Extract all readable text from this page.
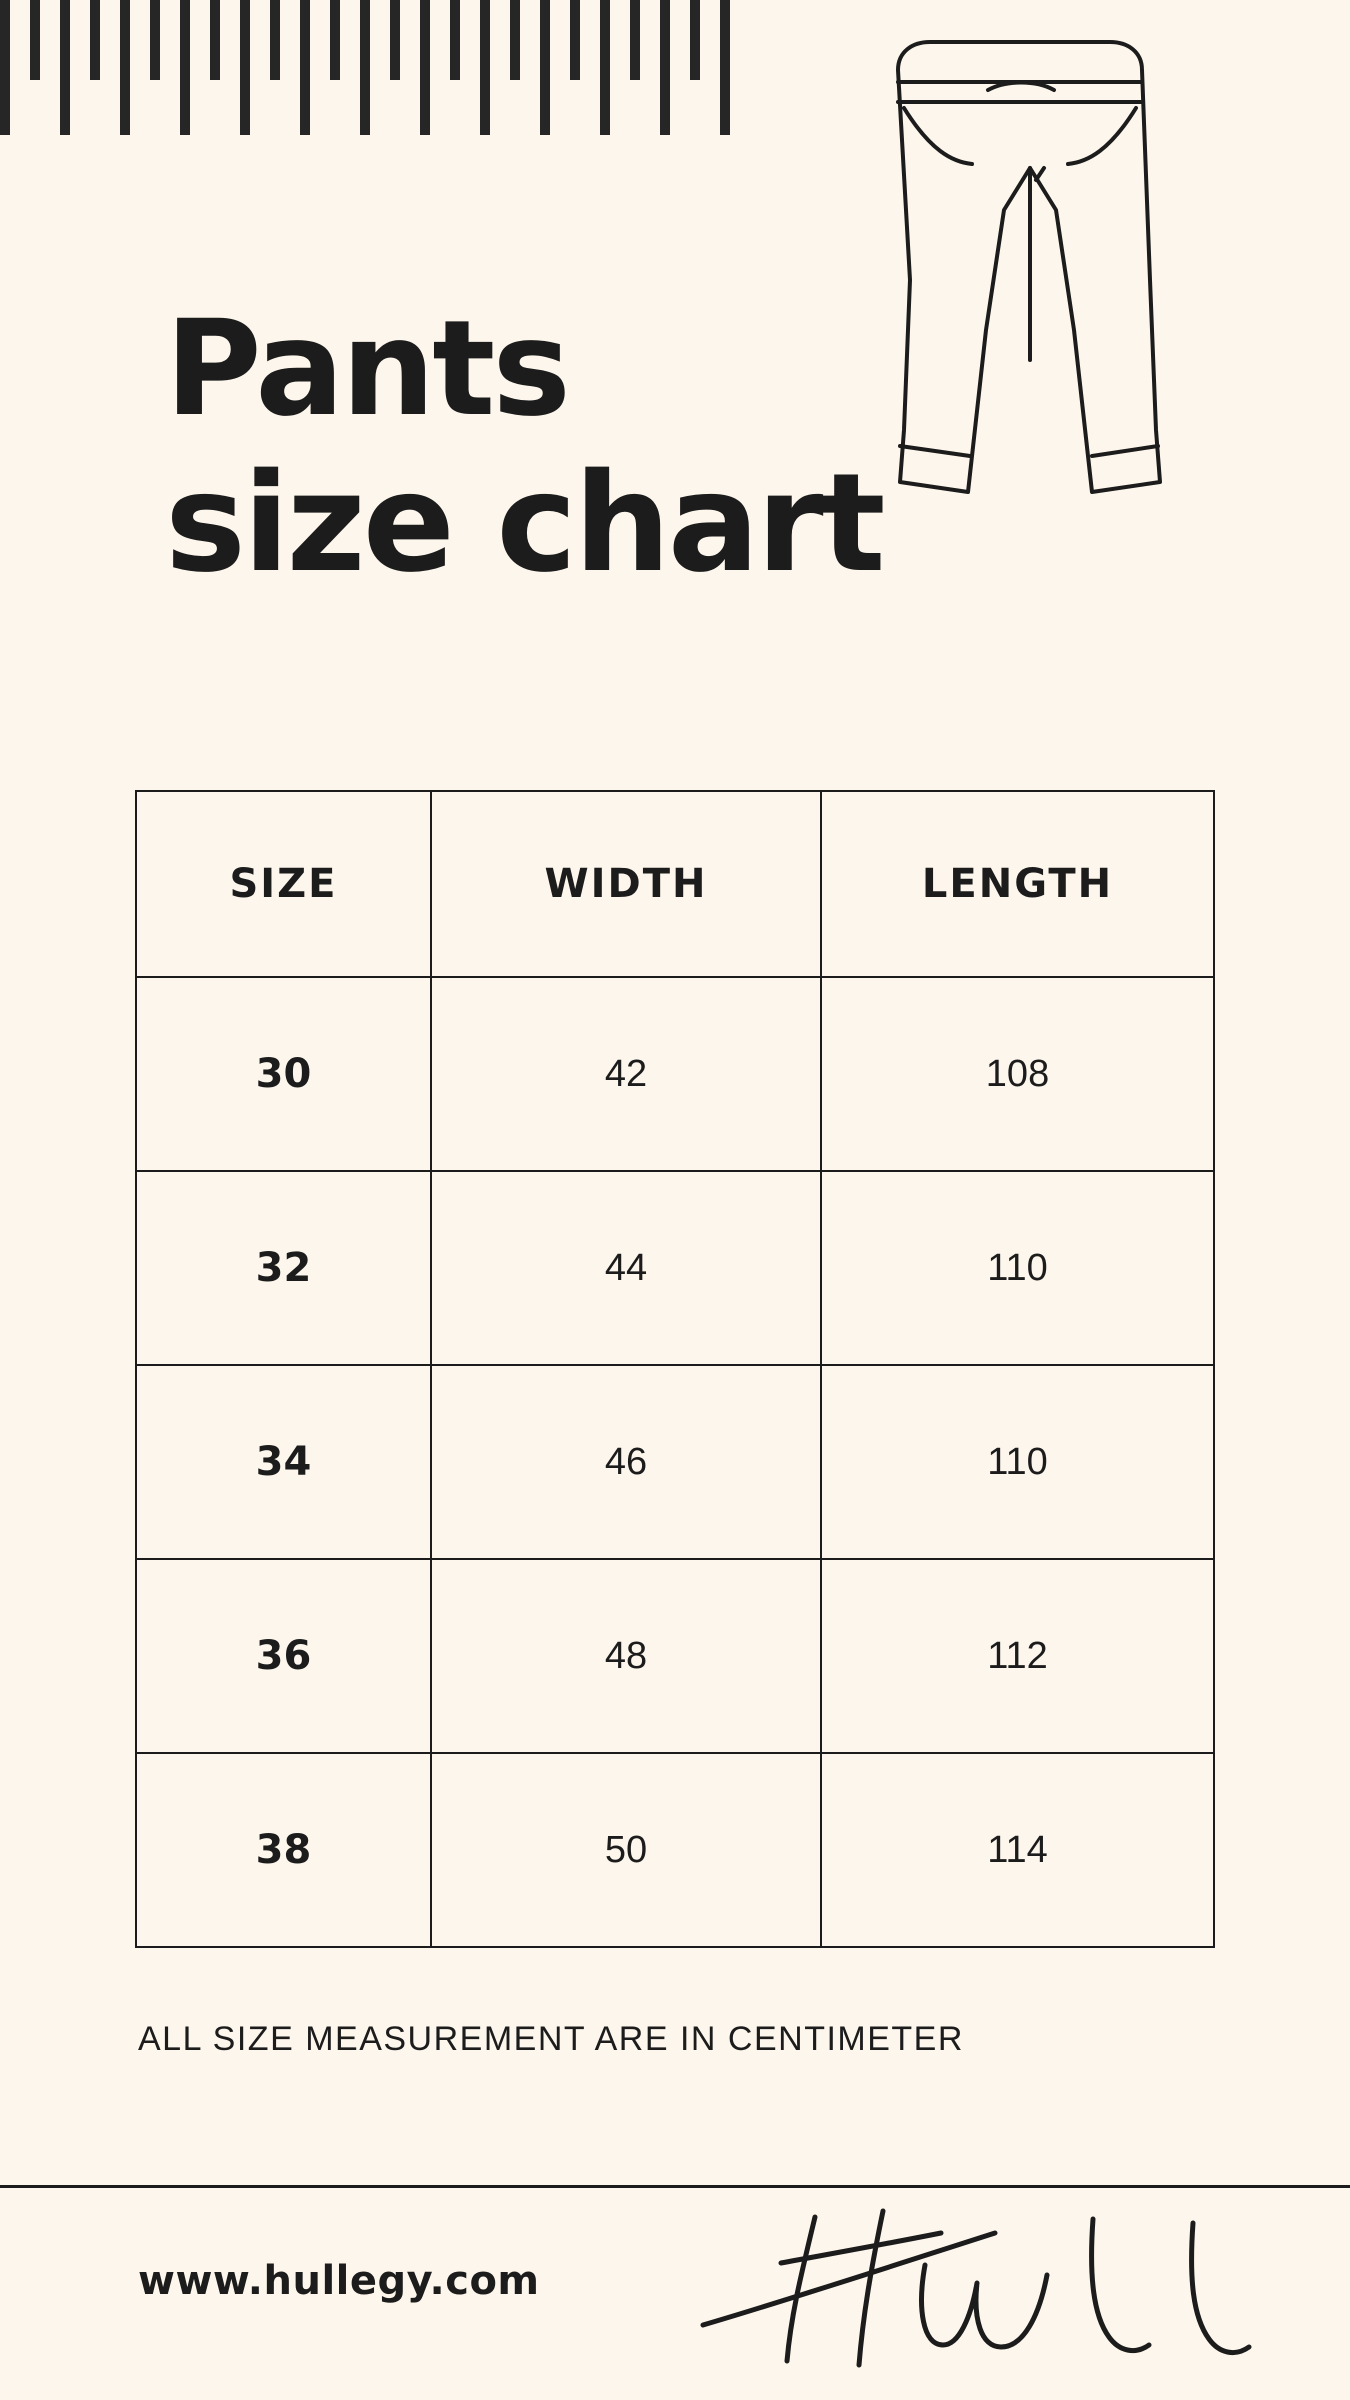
Pants
size chart
SIZE	WIDTH	LENGTH
30	42	108
32	44	110
34	46	110
36	48	112
38	50	114
ALL SIZE MEASUREMENT ARE IN CENTIMETER
www.hullegy.com
